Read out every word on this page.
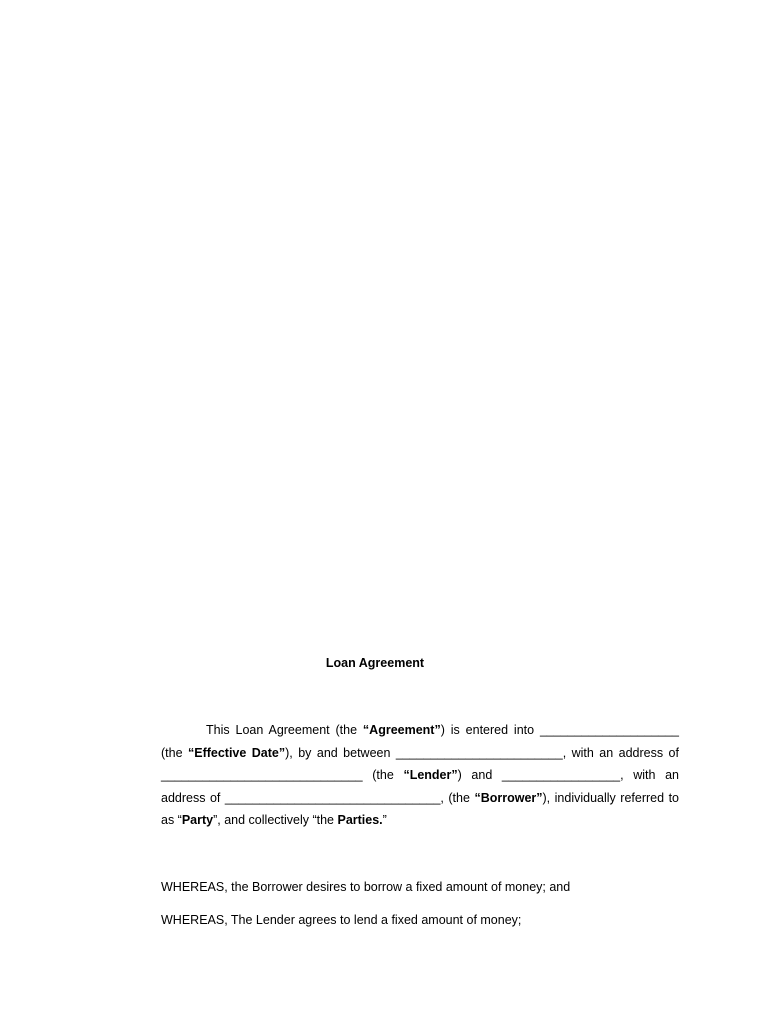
Loan Agreement

This Loan Agreement (the “Agreement”) is entered into ____________________ (the “Effective Date”), by and between ________________________, with an address of _____________________________ (the “Lender”) and _________________, with an address of _______________________________, (the “Borrower”), individually referred to as “Party”, and collectively “the Parties.”

WHEREAS, the Borrower desires to borrow a fixed amount of money; and

WHEREAS, The Lender agrees to lend a fixed amount of money;
